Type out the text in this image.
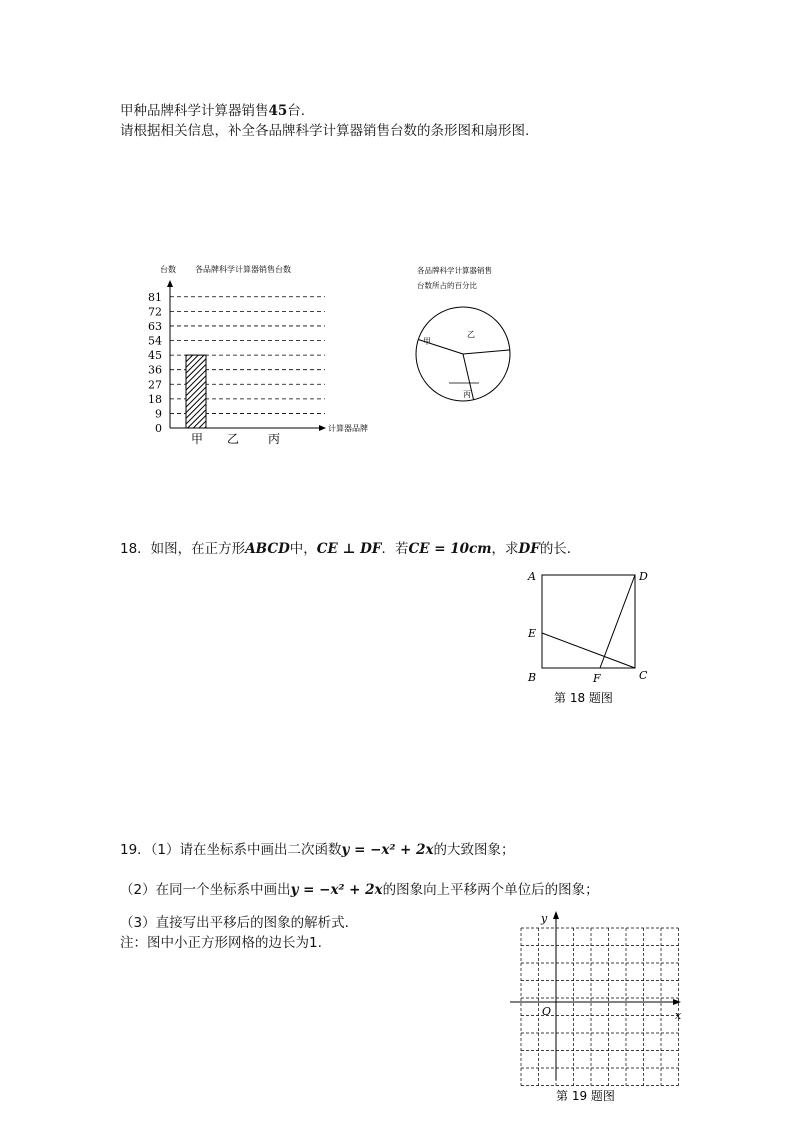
甲种品牌科学计算器销售45台.
请根据相关信息，补全各品牌科学计算器销售台数的条形图和扇形图.
台数 各品牌科学计算器销售台数
0
9
18
27
36
45
54
63
72
81
甲 乙 丙
计算器品牌
各品牌科学计算器销售
台数所占的百分比
甲
乙
丙
18．如图，在正方形ABCD中，CE ⊥ DF．若CE = 10cm，求DF的长．
A	D
E
B	F	C
第 18 题图
19．（1）请在坐标系中画出二次函数y = −x² + 2x的大致图象；
（2）在同一个坐标系中画出y = −x² + 2x的图象向上平移两个单位后的图象；
（3）直接写出平移后的图象的解析式.
注：图中小正方形网格的边长为1.
y
x
O
第 19 题图
